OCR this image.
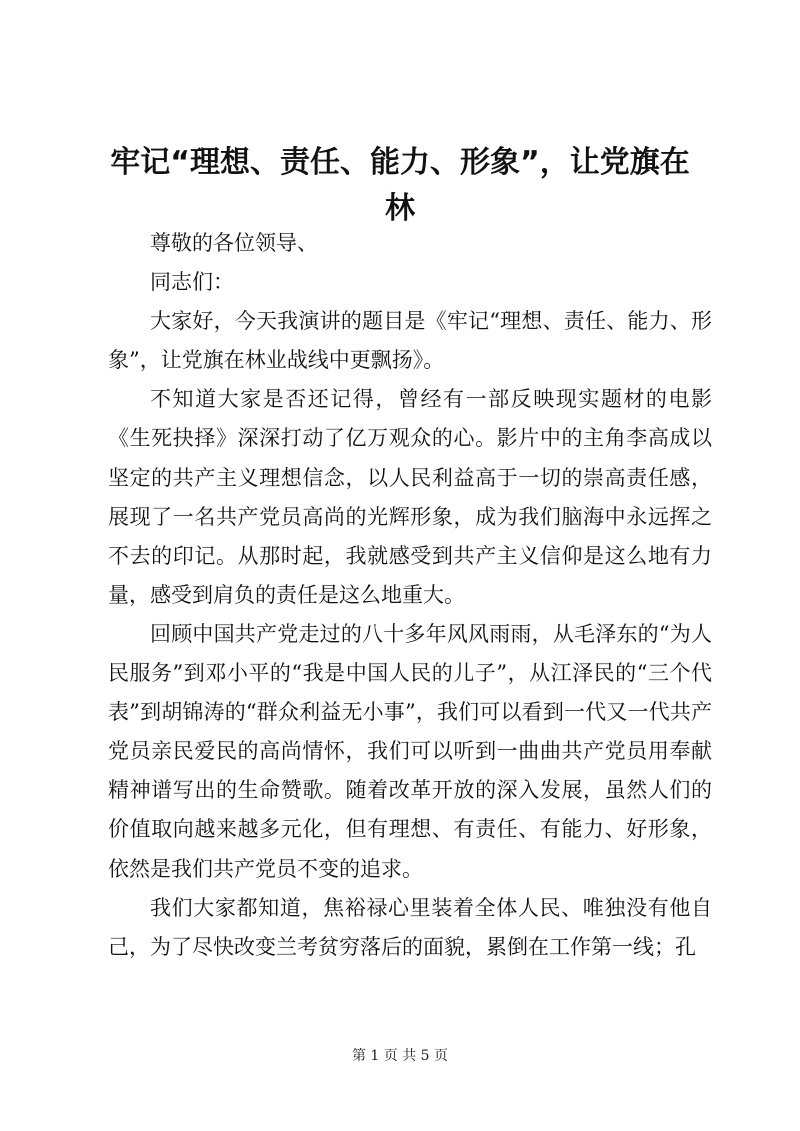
牢记“理想、责任、能力、形象”，让党旗在林

尊敬的各位领导、

同志们：

大家好，今天我演讲的题目是《牢记“理想、责任、能力、形象”，让党旗在林业战线中更飘扬》。

不知道大家是否还记得，曾经有一部反映现实题材的电影《生死抉择》深深打动了亿万观众的心。影片中的主角李高成以坚定的共产主义理想信念，以人民利益高于一切的崇高责任感，展现了一名共产党员高尚的光辉形象，成为我们脑海中永远挥之不去的印记。从那时起，我就感受到共产主义信仰是这么地有力量，感受到肩负的责任是这么地重大。

回顾中国共产党走过的八十多年风风雨雨，从毛泽东的“为人民服务”到邓小平的“我是中国人民的儿子”，从江泽民的“三个代表”到胡锦涛的“群众利益无小事”，我们可以看到一代又一代共产党员亲民爱民的高尚情怀，我们可以听到一曲曲共产党员用奉献精神谱写出的生命赞歌。随着改革开放的深入发展，虽然人们的价值取向越来越多元化，但有理想、有责任、有能力、好形象，依然是我们共产党员不变的追求。

我们大家都知道，焦裕禄心里装着全体人民、唯独没有他自己，为了尽快改变兰考贫穷落后的面貌，累倒在工作第一线；孔

第 1 页 共 5 页
